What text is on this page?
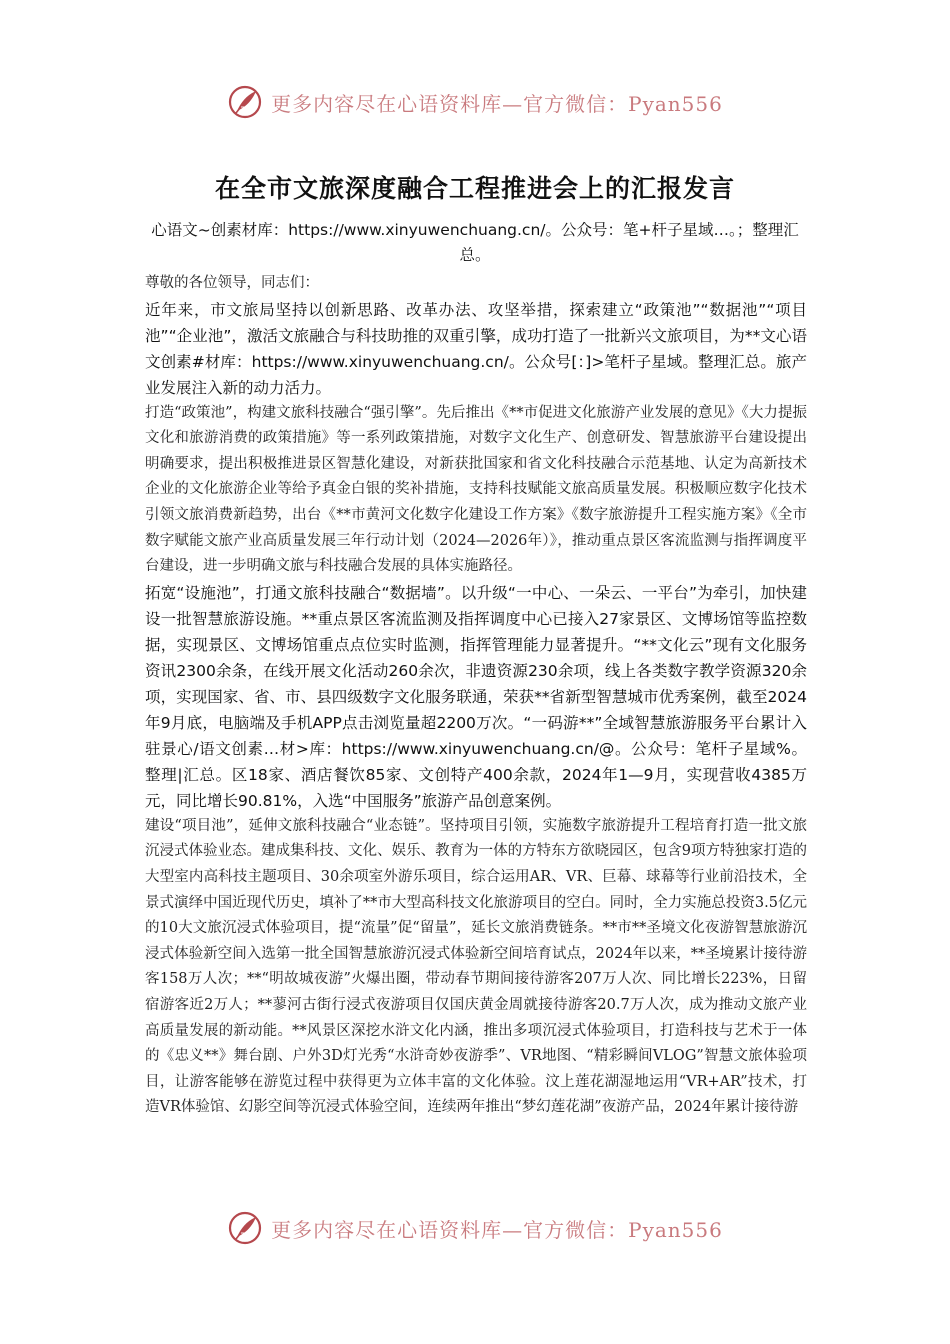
更多内容尽在心语资料库—官方微信：Pyan556
在全市文旅深度融合工程推进会上的汇报发言
心语文~创素材库：https://www.xinyuwenchuang.cn/。公众号：笔+杆子星域…。；整理汇总。

尊敬的各位领导，同志们：

近年来，市文旅局坚持以创新思路、改革办法、攻坚举措，探索建立“政策池”“数据池”“项目池”“企业池”，激活文旅融合与科技助推的双重引擎，成功打造了一批新兴文旅项目，为**文心语文创素#材库：https://www.xinyuwenchuang.cn/。公众号[：]>笔杆子星域。整理汇总。旅产业发展注入新的动力活力。

打造“政策池”，构建文旅科技融合“强引擎”。先后推出《**市促进文化旅游产业发展的意见》《大力提振文化和旅游消费的政策措施》等一系列政策措施，对数字文化生产、创意研发、智慧旅游平台建设提出明确要求，提出积极推进景区智慧化建设，对新获批国家和省文化科技融合示范基地、认定为高新技术企业的文化旅游企业等给予真金白银的奖补措施，支持科技赋能文旅高质量发展。积极顺应数字化技术引领文旅消费新趋势，出台《**市黄河文化数字化建设工作方案》《数字旅游提升工程实施方案》《全市数字赋能文旅产业高质量发展三年行动计划（2024—2026年）》，推动重点景区客流监测与指挥调度平台建设，进一步明确文旅与科技融合发展的具体实施路径。

拓宽“设施池”，打通文旅科技融合“数据墙”。以升级“一中心、一朵云、一平台”为牵引，加快建设一批智慧旅游设施。**重点景区客流监测及指挥调度中心已接入27家景区、文博场馆等监控数据，实现景区、文博场馆重点点位实时监测，指挥管理能力显著提升。“**文化云”现有文化服务资讯2300余条，在线开展文化活动260余次，非遗资源230余项，线上各类数字教学资源320余项，实现国家、省、市、县四级数字文化服务联通，荣获**省新型智慧城市优秀案例，截至2024年9月底，电脑端及手机APP点击浏览量超2200万次。“一码游**”全域智慧旅游服务平台累计入驻景心/语文创素…材>库：https://www.xinyuwenchuang.cn/@。公众号：笔杆子星域%。整理|汇总。区18家、酒店餐饮85家、文创特产400余款，2024年1—9月，实现营收4385万元，同比增长90.81%，入选“中国服务”旅游产品创意案例。

建设“项目池”，延伸文旅科技融合“业态链”。坚持项目引领，实施数字旅游提升工程培育打造一批文旅沉浸式体验业态。建成集科技、文化、娱乐、教育为一体的方特东方欲晓园区，包含9项方特独家打造的大型室内高科技主题项目、30余项室外游乐项目，综合运用AR、VR、巨幕、球幕等行业前沿技术，全景式演绎中国近现代历史，填补了**市大型高科技文化旅游项目的空白。同时，全力实施总投资3.5亿元的10大文旅沉浸式体验项目，提“流量”促“留量”，延长文旅消费链条。**市**圣境文化夜游智慧旅游沉浸式体验新空间入选第一批全国智慧旅游沉浸式体验新空间培育试点，2024年以来，**圣境累计接待游客158万人次；**“明故城夜游”火爆出圈，带动春节期间接待游客207万人次、同比增长223%，日留宿游客近2万人；**蓼河古街行浸式夜游项目仅国庆黄金周就接待游客20.7万人次，成为推动文旅产业高质量发展的新动能。**风景区深挖水浒文化内涵，推出多项沉浸式体验项目，打造科技与艺术于一体的《忠义**》舞台剧、户外3D灯光秀“水浒奇妙夜游季”、VR地图、“精彩瞬间VLOG”智慧文旅体验项目，让游客能够在游览过程中获得更为立体丰富的文化体验。汶上莲花湖湿地运用“VR+AR”技术，打造VR体验馆、幻影空间等沉浸式体验空间，连续两年推出“梦幻莲花湖”夜游产品，2024年累计接待游

更多内容尽在心语资料库—官方微信：Pyan556
